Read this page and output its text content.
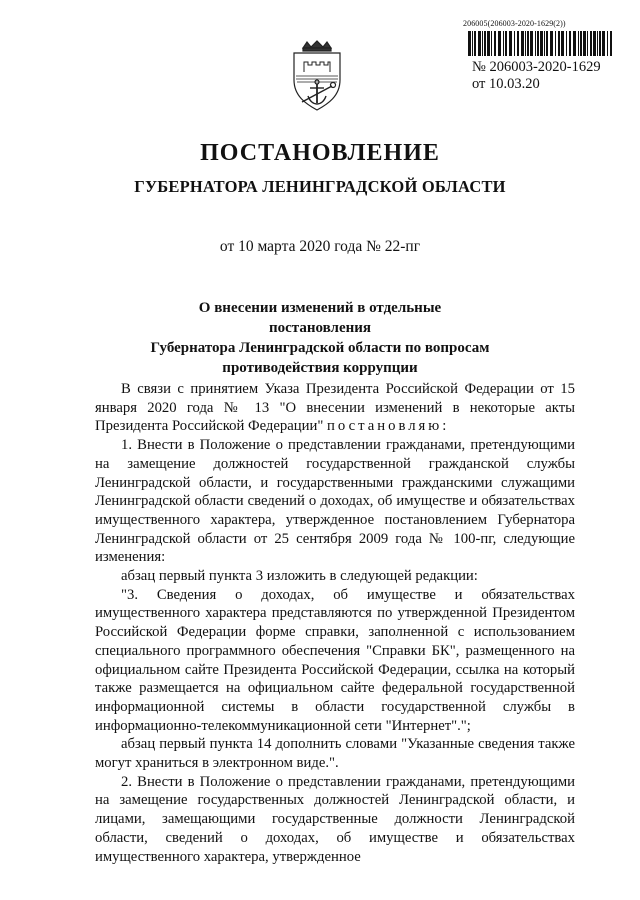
206005(206003-2020-1629(2))
№ 206003-2020-1629
от 10.03.20
ПОСТАНОВЛЕНИЕ
ГУБЕРНАТОРА ЛЕНИНГРАДСКОЙ ОБЛАСТИ
от 10 марта 2020 года № 22-пг
О внесении изменений в отдельные постановления
Губернатора Ленинградской области по вопросам
противодействия коррупции

В связи с принятием Указа Президента Российской Федерации от 15 января 2020 года № 13 "О внесении изменений в некоторые акты Президента Российской Федерации" постановляю:

1. Внести в Положение о представлении гражданами, претендующими на замещение должностей государственной гражданской службы Ленинградской области, и государственными гражданскими служащими Ленинградской области сведений о доходах, об имуществе и обязательствах имущественного характера, утвержденное постановлением Губернатора Ленинградской области от 25 сентября 2009 года № 100-пг, следующие изменения:

абзац первый пункта 3 изложить в следующей редакции:

"3. Сведения о доходах, об имуществе и обязательствах имущественного характера представляются по утвержденной Президентом Российской Федерации форме справки, заполненной с использованием специального программного обеспечения "Справки БК", размещенного на официальном сайте Президента Российской Федерации, ссылка на который также размещается на официальном сайте федеральной государственной информационной системы в области государственной службы в информационно-телекоммуникационной сети "Интернет".";

абзац первый пункта 14 дополнить словами "Указанные сведения также могут храниться в электронном виде.".

2. Внести в Положение о представлении гражданами, претендующими на замещение государственных должностей Ленинградской области, и лицами, замещающими государственные должности Ленинградской области, сведений о доходах, об имуществе и обязательствах имущественного характера, утвержденное
